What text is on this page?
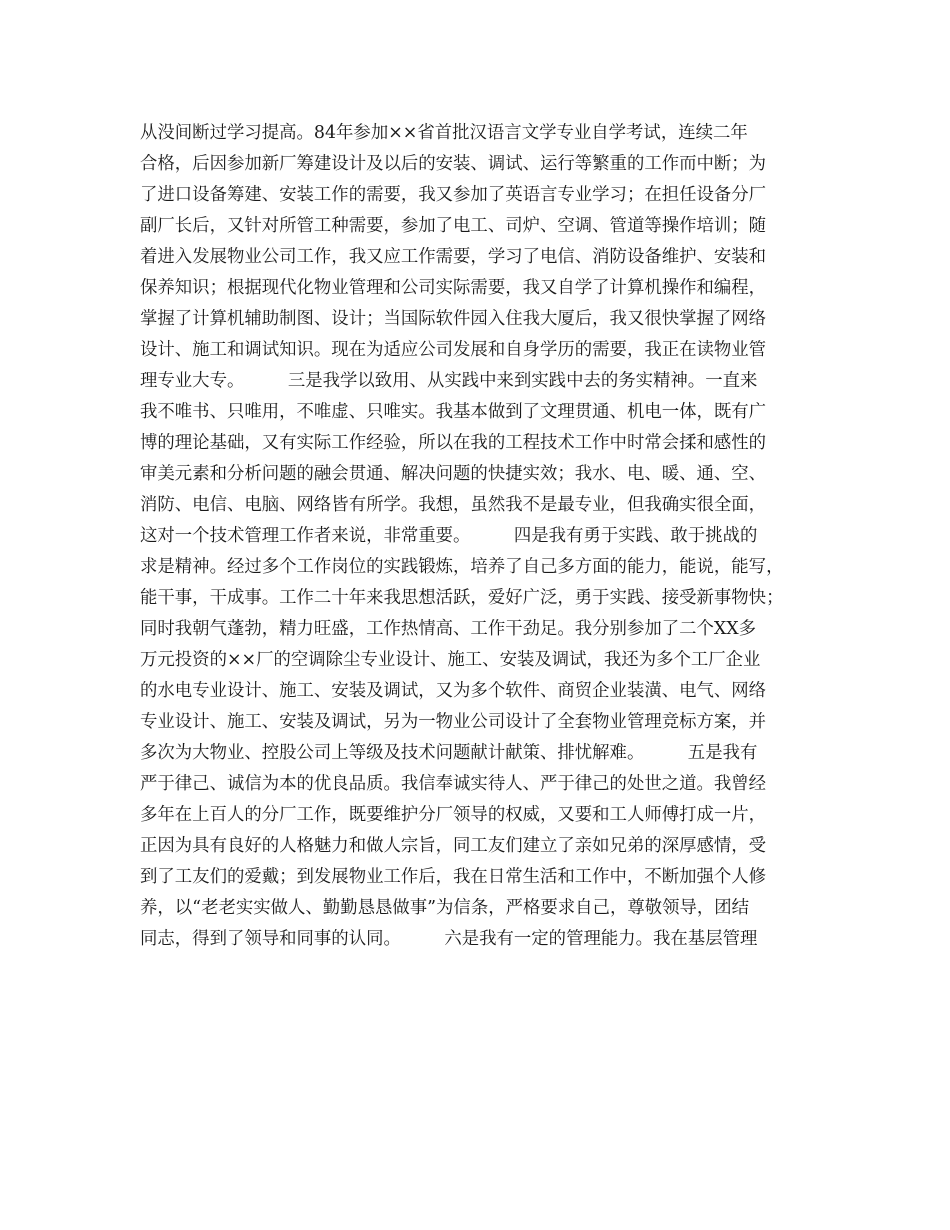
从没间断过学习提高。84年参加××省首批汉语言文学专业自学考试，连续二年
合格，后因参加新厂筹建设计及以后的安装、调试、运行等繁重的工作而中断；为
了进口设备筹建、安装工作的需要，我又参加了英语言专业学习；在担任设备分厂
副厂长后，又针对所管工种需要，参加了电工、司炉、空调、管道等操作培训；随
着进入发展物业公司工作，我又应工作需要，学习了电信、消防设备维护、安装和
保养知识；根据现代化物业管理和公司实际需要，我又自学了计算机操作和编程，
掌握了计算机辅助制图、设计；当国际软件园入住我大厦后，我又很快掌握了网络
设计、施工和调试知识。现在为适应公司发展和自身学历的需要，我正在读物业管
理专业大专。　　　三是我学以致用、从实践中来到实践中去的务实精神。一直来
我不唯书、只唯用，不唯虚、只唯实。我基本做到了文理贯通、机电一体，既有广
博的理论基础，又有实际工作经验，所以在我的工程技术工作中时常会揉和感性的
审美元素和分析问题的融会贯通、解决问题的快捷实效；我水、电、暖、通、空、
消防、电信、电脑、网络皆有所学。我想，虽然我不是最专业，但我确实很全面，
这对一个技术管理工作者来说，非常重要。　　　四是我有勇于实践、敢于挑战的
求是精神。经过多个工作岗位的实践锻炼，培养了自己多方面的能力，能说，能写，
能干事，干成事。工作二十年来我思想活跃，爱好广泛，勇于实践、接受新事物快；
同时我朝气蓬勃，精力旺盛，工作热情高、工作干劲足。我分别参加了二个XX多
万元投资的××厂的空调除尘专业设计、施工、安装及调试，我还为多个工厂企业
的水电专业设计、施工、安装及调试，又为多个软件、商贸企业装潢、电气、网络
专业设计、施工、安装及调试，另为一物业公司设计了全套物业管理竞标方案，并
多次为大物业、控股公司上等级及技术问题献计献策、排忧解难。　　　五是我有
严于律己、诚信为本的优良品质。我信奉诚实待人、严于律己的处世之道。我曾经
多年在上百人的分厂工作，既要维护分厂领导的权威，又要和工人师傅打成一片，
正因为具有良好的人格魅力和做人宗旨，同工友们建立了亲如兄弟的深厚感情，受
到了工友们的爱戴；到发展物业工作后，我在日常生活和工作中，不断加强个人修
养，以“老老实实做人、勤勤恳恳做事”为信条，严格要求自己，尊敬领导，团结
同志，得到了领导和同事的认同。　　　六是我有一定的管理能力。我在基层管理
